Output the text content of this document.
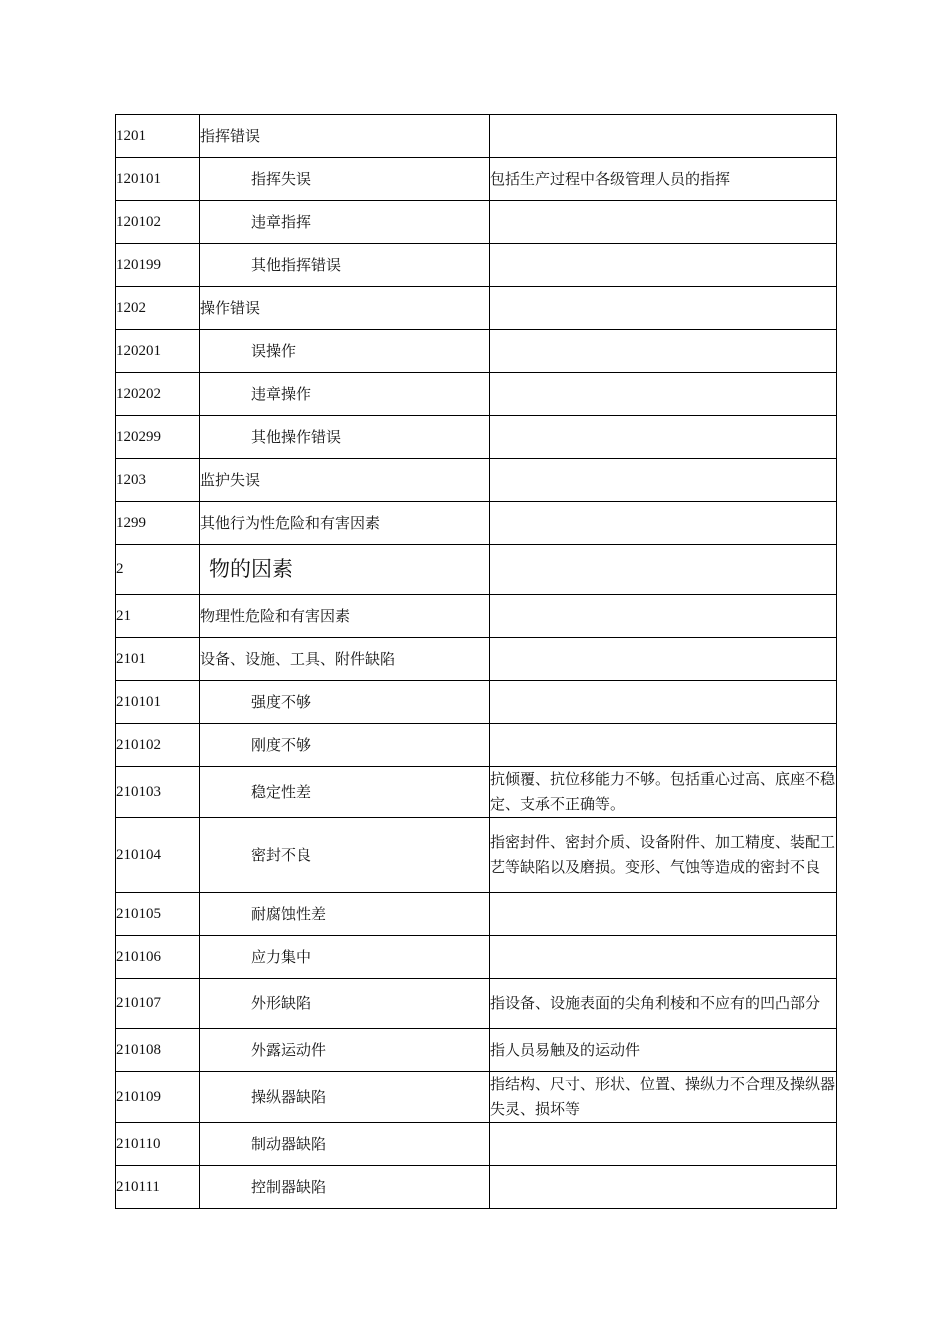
1201	指挥错误	
120101	指挥失误	包括生产过程中各级管理人员的指挥
120102	违章指挥	
120199	其他指挥错误	
1202	操作错误	
120201	误操作	
120202	违章操作	
120299	其他操作错误	
1203	监护失误	
1299	其他行为性危险和有害因素	
2	物的因素	
21	物理性危险和有害因素	
2101	设备、设施、工具、附件缺陷	
210101	强度不够	
210102	刚度不够	
210103	稳定性差	抗倾覆、抗位移能力不够。包括重心过高、底座不稳定、支承不正确等。
210104	密封不良	指密封件、密封介质、设备附件、加工精度、装配工艺等缺陷以及磨损。变形、气蚀等造成的密封不良
210105	耐腐蚀性差	
210106	应力集中	
210107	外形缺陷	指设备、设施表面的尖角利棱和不应有的凹凸部分
210108	外露运动件	指人员易触及的运动件
210109	操纵器缺陷	指结构、尺寸、形状、位置、操纵力不合理及操纵器失灵、损坏等
210110	制动器缺陷	
210111	控制器缺陷	
